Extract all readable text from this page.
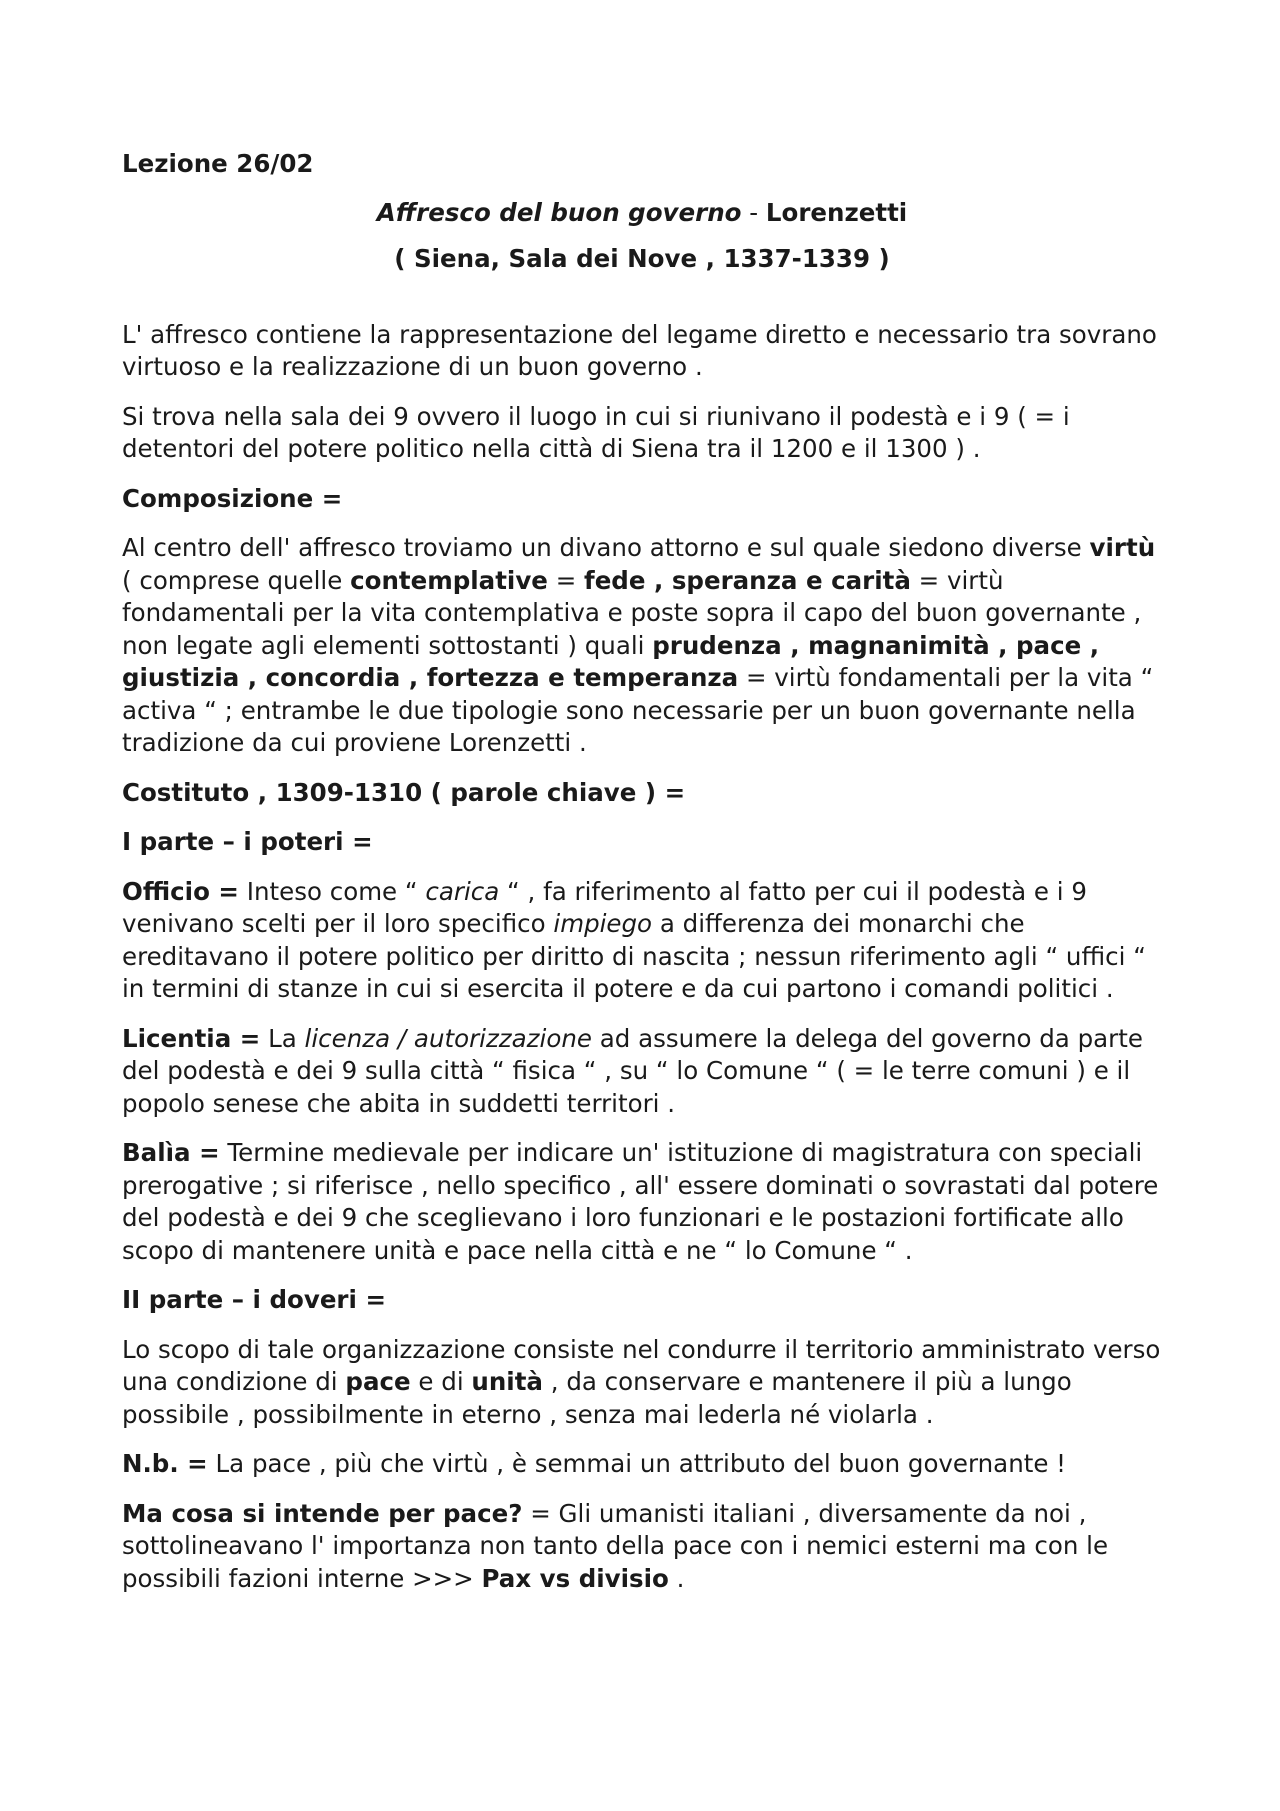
Lezione 26/02

Affresco del buon governo - Lorenzetti

( Siena, Sala dei Nove , 1337-1339 )

L' affresco contiene la rappresentazione del legame diretto e necessario tra sovrano virtuoso e la realizzazione di un buon governo .

Si trova nella sala dei 9 ovvero il luogo in cui si riunivano il podestà e i 9 ( = i detentori del potere politico nella città di Siena tra il 1200 e il 1300 ) .

Composizione =

Al centro dell' affresco troviamo un divano attorno e sul quale siedono diverse virtù ( comprese quelle contemplative = fede , speranza e carità = virtù fondamentali per la vita contemplativa e poste sopra il capo del buon governante , non legate agli elementi sottostanti ) quali prudenza , magnanimità , pace , giustizia , concordia , fortezza e temperanza = virtù fondamentali per la vita “ activa “ ; entrambe le due tipologie sono necessarie per un buon governante nella tradizione da cui proviene Lorenzetti .

Costituto , 1309-1310 ( parole chiave ) =

I parte – i poteri =

Officio = Inteso come “ carica “ , fa riferimento al fatto per cui il podestà e i 9 venivano scelti per il loro specifico impiego a differenza dei monarchi che ereditavano il potere politico per diritto di nascita ; nessun riferimento agli “ uffici “ in termini di stanze in cui si esercita il potere e da cui partono i comandi politici .

Licentia = La licenza / autorizzazione ad assumere la delega del governo da parte del podestà e dei 9 sulla città “ fisica “ , su “ lo Comune “ ( = le terre comuni ) e il popolo senese che abita in suddetti territori .

Balìa = Termine medievale per indicare un' istituzione di magistratura con speciali prerogative ; si riferisce , nello specifico , all' essere dominati o sovrastati dal potere del podestà e dei 9 che sceglievano i loro funzionari e le postazioni fortificate allo scopo di mantenere unità e pace nella città e ne “ lo Comune “ .

II parte – i doveri =

Lo scopo di tale organizzazione consiste nel condurre il territorio amministrato verso una condizione di pace e di unità , da conservare e mantenere il più a lungo possibile , possibilmente in eterno , senza mai lederla né violarla .

N.b. = La pace , più che virtù , è semmai un attributo del buon governante !

Ma cosa si intende per pace? = Gli umanisti italiani , diversamente da noi , sottolineavano l' importanza non tanto della pace con i nemici esterni ma con le possibili fazioni interne >>> Pax vs divisio .
